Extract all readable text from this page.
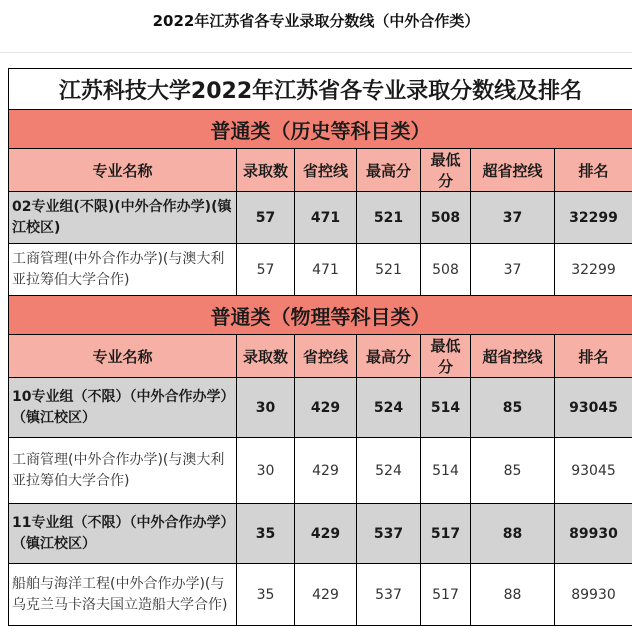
2022年江苏省各专业录取分数线（中外合作类）
江苏科技大学2022年江苏省各专业录取分数线及排名						
普通类（历史等科目类）						
专业名称	录取数	省控线	最高分	最低分	超省控线	排名
02专业组(不限)(中外合作办学)(镇江校区)	57	471	521	508	37	32299
工商管理(中外合作办学)(与澳大利亚拉筹伯大学合作)	57	471	521	508	37	32299
普通类（物理等科目类）						
专业名称	录取数	省控线	最高分	最低分	超省控线	排名
10专业组（不限）（中外合作办学）（镇江校区）	30	429	524	514	85	93045
工商管理(中外合作办学)(与澳大利亚拉筹伯大学合作)	30	429	524	514	85	93045
11专业组（不限）（中外合作办学）（镇江校区）	35	429	537	517	88	89930
船舶与海洋工程(中外合作办学)(与乌克兰马卡洛夫国立造船大学合作)	35	429	537	517	88	89930
